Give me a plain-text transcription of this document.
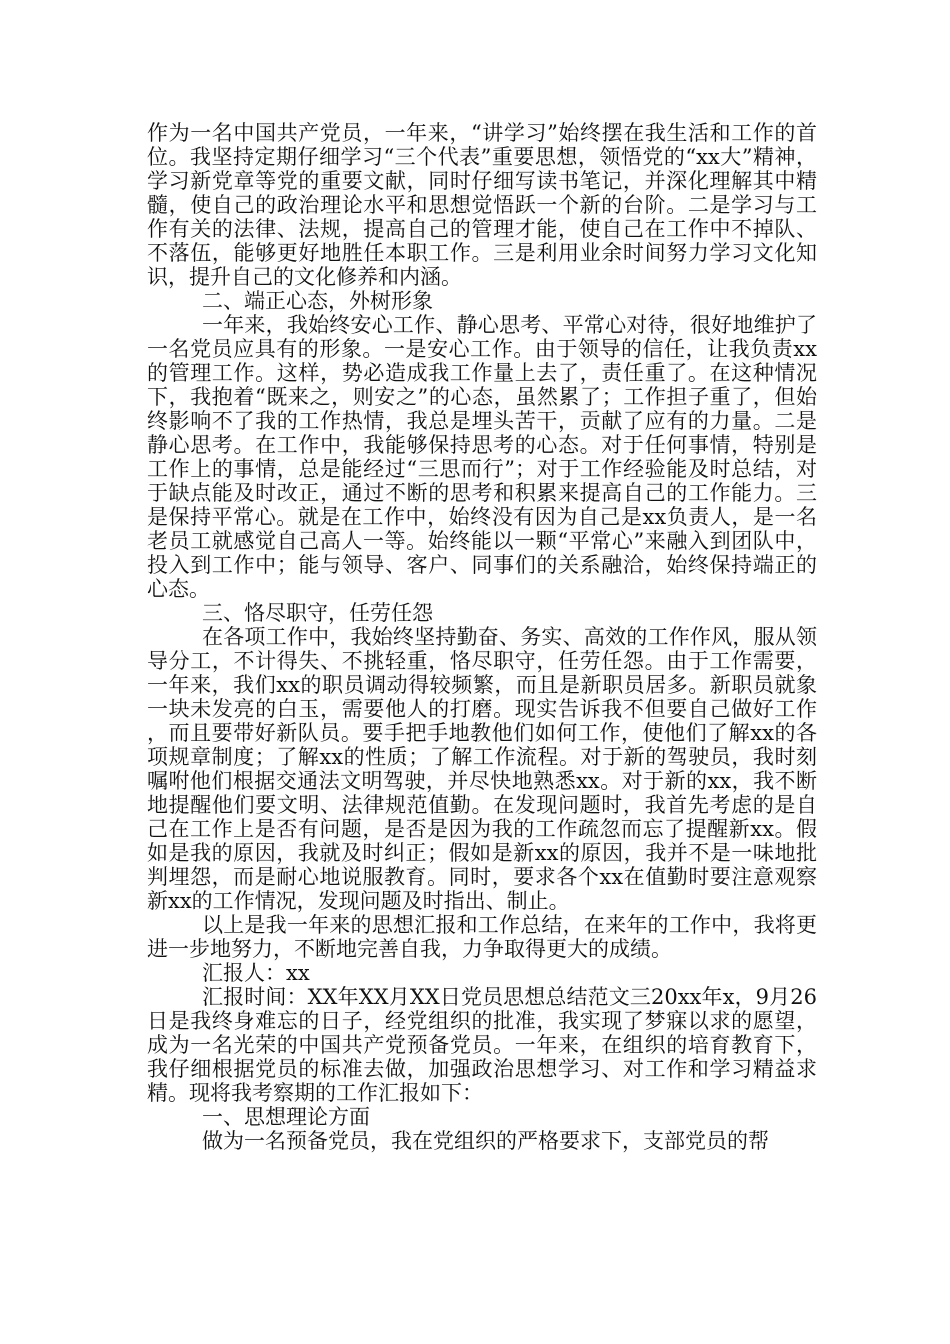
作为一名中国共产党员，一年来，“讲学习”始终摆在我生活和工作的首位。我坚持定期仔细学习“三个代表”重要思想，领悟党的“xx大”精神，学习新党章等党的重要文献，同时仔细写读书笔记，并深化理解其中精髓，使自己的政治理论水平和思想觉悟跃一个新的台阶。二是学习与工作有关的法律、法规，提高自己的管理才能，使自己在工作中不掉队、不落伍，能够更好地胜任本职工作。三是利用业余时间努力学习文化知识，提升自己的文化修养和内涵。

二、端正心态，外树形象

一年来，我始终安心工作、静心思考、平常心对待，很好地维护了一名党员应具有的形象。一是安心工作。由于领导的信任，让我负责xx的管理工作。这样，势必造成我工作量上去了，责任重了。在这种情况下，我抱着“既来之，则安之”的心态，虽然累了；工作担子重了，但始终影响不了我的工作热情，我总是埋头苦干，贡献了应有的力量。二是静心思考。在工作中，我能够保持思考的心态。对于任何事情，特别是工作上的事情，总是能经过“三思而行”；对于工作经验能及时总结，对于缺点能及时改正，通过不断的思考和积累来提高自己的工作能力。三是保持平常心。就是在工作中，始终没有因为自己是xx负责人，是一名老员工就感觉自己高人一等。始终能以一颗“平常心”来融入到团队中，投入到工作中；能与领导、客户、同事们的关系融洽，始终保持端正的心态。

三、恪尽职守，任劳任怨

在各项工作中，我始终坚持勤奋、务实、高效的工作作风，服从领导分工，不计得失、不挑轻重，恪尽职守，任劳任怨。由于工作需要，一年来，我们xx的职员调动得较频繁，而且是新职员居多。新职员就象一块未发亮的白玉，需要他人的打磨。现实告诉我不但要自己做好工作，而且要带好新队员。要手把手地教他们如何工作，使他们了解xx的各项规章制度；了解xx的性质；了解工作流程。对于新的驾驶员，我时刻嘱咐他们根据交通法文明驾驶，并尽快地熟悉xx。对于新的xx，我不断地提醒他们要文明、法律规范值勤。在发现问题时，我首先考虑的是自己在工作上是否有问题，是否是因为我的工作疏忽而忘了提醒新xx。假如是我的原因，我就及时纠正；假如是新xx的原因，我并不是一味地批判埋怨，而是耐心地说服教育。同时，要求各个xx在值勤时要注意观察新xx的工作情况，发现问题及时指出、制止。

以上是我一年来的思想汇报和工作总结，在来年的工作中，我将更进一步地努力，不断地完善自我，力争取得更大的成绩。

汇报人：xx

汇报时间：XX年XX月XX日党员思想总结范文三20xx年x，9月26日是我终身难忘的日子，经党组织的批准，我实现了梦寐以求的愿望，成为一名光荣的中国共产党预备党员。一年来，在组织的培育教育下，我仔细根据党员的标准去做，加强政治思想学习、对工作和学习精益求精。现将我考察期的工作汇报如下：

一、思想理论方面

做为一名预备党员，我在党组织的严格要求下，支部党员的帮
